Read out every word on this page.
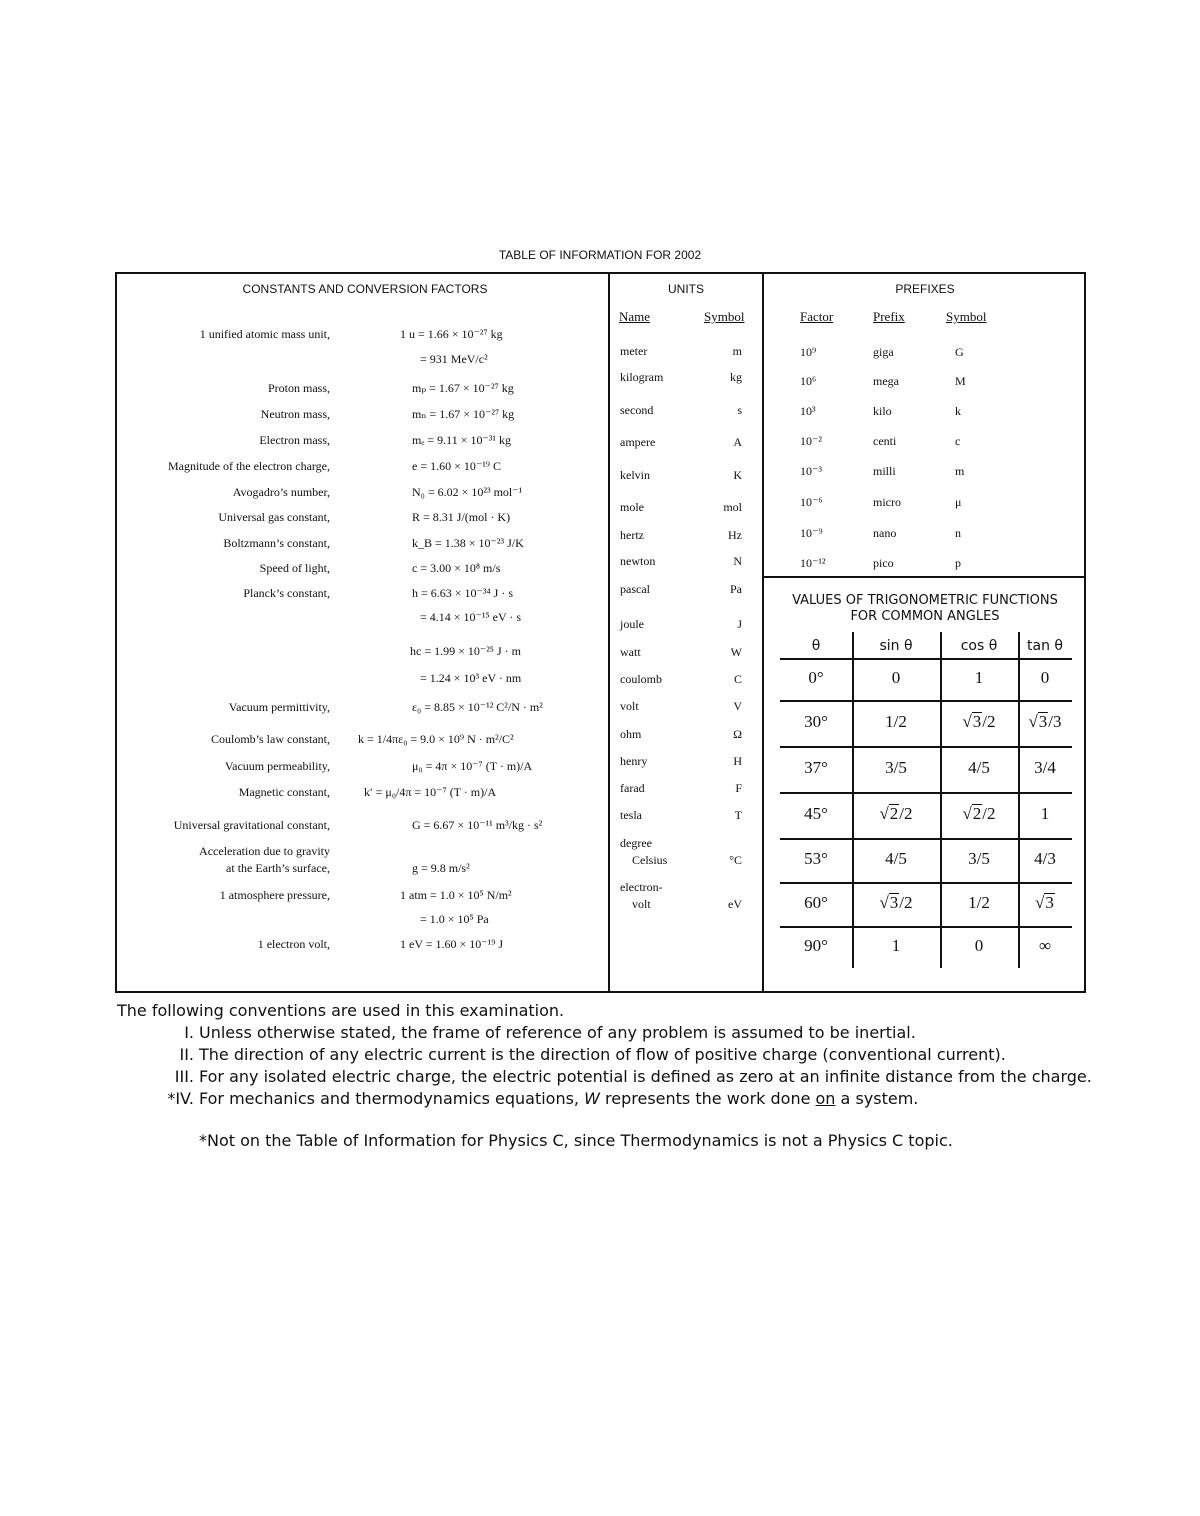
TABLE OF INFORMATION FOR 2002
CONSTANTS AND CONVERSION FACTORS
1 unified atomic mass unit,	1 u = 1.66 × 10⁻²⁷ kg
= 931 MeV/c²
Proton mass,	mₚ = 1.67 × 10⁻²⁷ kg
Neutron mass,	mₙ = 1.67 × 10⁻²⁷ kg
Electron mass,	mₑ = 9.11 × 10⁻³¹ kg
Magnitude of the electron charge,	e = 1.60 × 10⁻¹⁹ C
Avogadro’s number,	N₀ = 6.02 × 10²³ mol⁻¹
Universal gas constant,	R = 8.31 J/(mol · K)
Boltzmann’s constant,	k_B = 1.38 × 10⁻²³ J/K
Speed of light,	c = 3.00 × 10⁸ m/s
Planck’s constant,	h = 6.63 × 10⁻³⁴ J · s
= 4.14 × 10⁻¹⁵ eV · s
hc = 1.99 × 10⁻²⁵ J · m
= 1.24 × 10³ eV · nm
Vacuum permittivity,	ε₀ = 8.85 × 10⁻¹² C²/N · m²
Coulomb’s law constant, k = 1/4πε₀ = 9.0 × 10⁹ N · m²/C²
Vacuum permeability,	μ₀ = 4π × 10⁻⁷ (T · m)/A
Magnetic constant,	k′ = μ₀/4π = 10⁻⁷ (T · m)/A
Universal gravitational constant,	G = 6.67 × 10⁻¹¹ m³/kg · s²
Acceleration due to gravity
at the Earth’s surface,	g = 9.8 m/s²
1 atmosphere pressure,	1 atm = 1.0 × 10⁵ N/m²
= 1.0 × 10⁵ Pa
1 electron volt,	1 eV = 1.60 × 10⁻¹⁹ J
UNITS
Name	Symbol
meter	m
kilogram	kg
second	s
ampere	A
kelvin	K
mole	mol
hertz	Hz
newton	N
pascal	Pa
joule	J
watt	W
coulomb	C
volt	V
ohm	Ω
henry	H
farad	F
tesla	T
degree
Celsius	°C
electron-
volt	eV
PREFIXES
Factor	Prefix	Symbol
10⁹	giga	G
10⁶	mega	M
10³	kilo	k
10⁻²	centi	c
10⁻³	milli	m
10⁻⁶	micro	μ
10⁻⁹	nano	n
10⁻¹²	pico	p
VALUES OF TRIGONOMETRIC FUNCTIONS
FOR COMMON ANGLES
θ	sin θ	cos θ	tan θ
0°	0	1	0
30°	1/2	√3/2	√3/3
37°	3/5	4/5	3/4
45°	√2/2	√2/2	1
53°	4/5	3/5	4/3
60°	√3/2	1/2	√3
90°	1	0	∞
The following conventions are used in this examination.
I. Unless otherwise stated, the frame of reference of any problem is assumed to be inertial.
II. The direction of any electric current is the direction of flow of positive charge (conventional current).
III. For any isolated electric charge, the electric potential is defined as zero at an infinite distance from the charge.
*IV. For mechanics and thermodynamics equations, W represents the work done on a system.
*Not on the Table of Information for Physics C, since Thermodynamics is not a Physics C topic.
